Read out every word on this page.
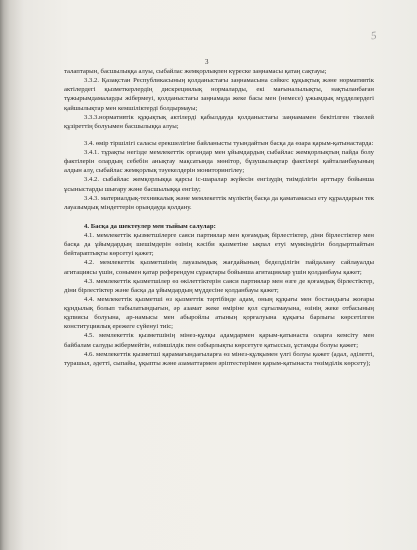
5
3

талаптарын, басшылыққа алуы, сыбайлас жемқорлықпен күреске заңнамасы қатаң сақтауы;

3.3.2. Қазақстан Республикасының қолданыстағы заңнамасына сәйкес құқықтық және нормативтік актілердегі қызметкерлердің дискрециялық нормаларды, екі мағыналылықты, нақтыланбаған тұжырымдамаларды жібермеуі, қолданыстағы заңнамада жеке басы мен (немесе) ұжымдық мүдделердегі қайшылықтар мен кемшіліктерді болдырмауы;

3.3.3.нормативтік құқықтық актілерді қабылдауда қолданыстағы заңнамамен бекітілген тікелей құзіреттің болуымен басшылыққа алуы;

3.4. өмір тіршілігі саласы ерекшелігіне байланысты туындайтын басқа да өзара қарым-қатынастарда:

3.4.1. тұрақты негізде мемлекеттік органдар мен ұйымдардың сыбайлас жемқорлықтың пайда болу фактілерін олардың себебін анықтау мақсатында мөнітор, бұзушылықтар фактілері қайталанбауының алдын алу, сыбайлас жемқорлық тәуекелдерін мониторингілеу;

3.4.2. сыбайлас жемқорлыққа қарсы іс-шаралар жүйесін енгізудің тиімділігін арттыру бойынша ұсыныстарды шығару және басшылыққа енгізу;

3.4.3. материалдық-техникалық және мемлекеттік мүліктің басқа да қаматамасыз ету құралдарын тек лауазымдық міндеттерін орындауда қолдану.

4. Басқа да шектеулер мен тыйым салулар:

4.1. мемлекеттік қызметшілерге саяси партиялар мен қоғамдық бірлестіктер, діни бірлестіктер мен басқа да ұйымдардың шешімдерін өзінің кәсіби қызметіне ықпал етуі мүмкіндігін болдыртпайтын бейтараптықты көрсетуі қажет;

4.2. мемлекеттік қызметшінің лауазымдық жағдайының беделділігін пайдалану сайлауалды агитациясы үшін, сонымен қатар референдум сұрақтары бойынша агитациялар үшін қолданбауы қажет;

4.3. мемлекеттік қызметшілер өз өкілеттіктерін саяси партиялар мен өзге де қоғамдық бірлестіктер, діни бірлестіктер және басқа да ұйымдардың мүддесіне қолданбауы қажет;

4.4. мемлекеттік қызметші өз қызметтік тәртібінде адам, оның құқығы мен бостандығы жоғары құндылық болып табылатындығын, әр азамат жеке өміріне қол сұғылмауына, өзінің жеке отбасының құпиясы болуына, ар-намысы мен абыройлы атының қорғалуына құқығы барлығы көрсетілген конституциялық ережеге сүйенуі тиіс;

4.5. мемлекеттік қызметшінің мінез-құлқы адамдармен қарым-қатынаста оларға кемсіту мен байбалам салуды жібермейтін, өзімшілдік пен озбырлықты көрсетуге қатыссыз, ұстамды болуы қажет;

4.6. мемлекеттік қызметші қарамағындағыларға өз мінез-құлқымен үлгі болуы қажет (адал, әділетті, турашыл, әдетті, сыпайы, ұқыпты және азаматтармен әріптестерімен қарым-қатынаста төзімділік көрсету);
